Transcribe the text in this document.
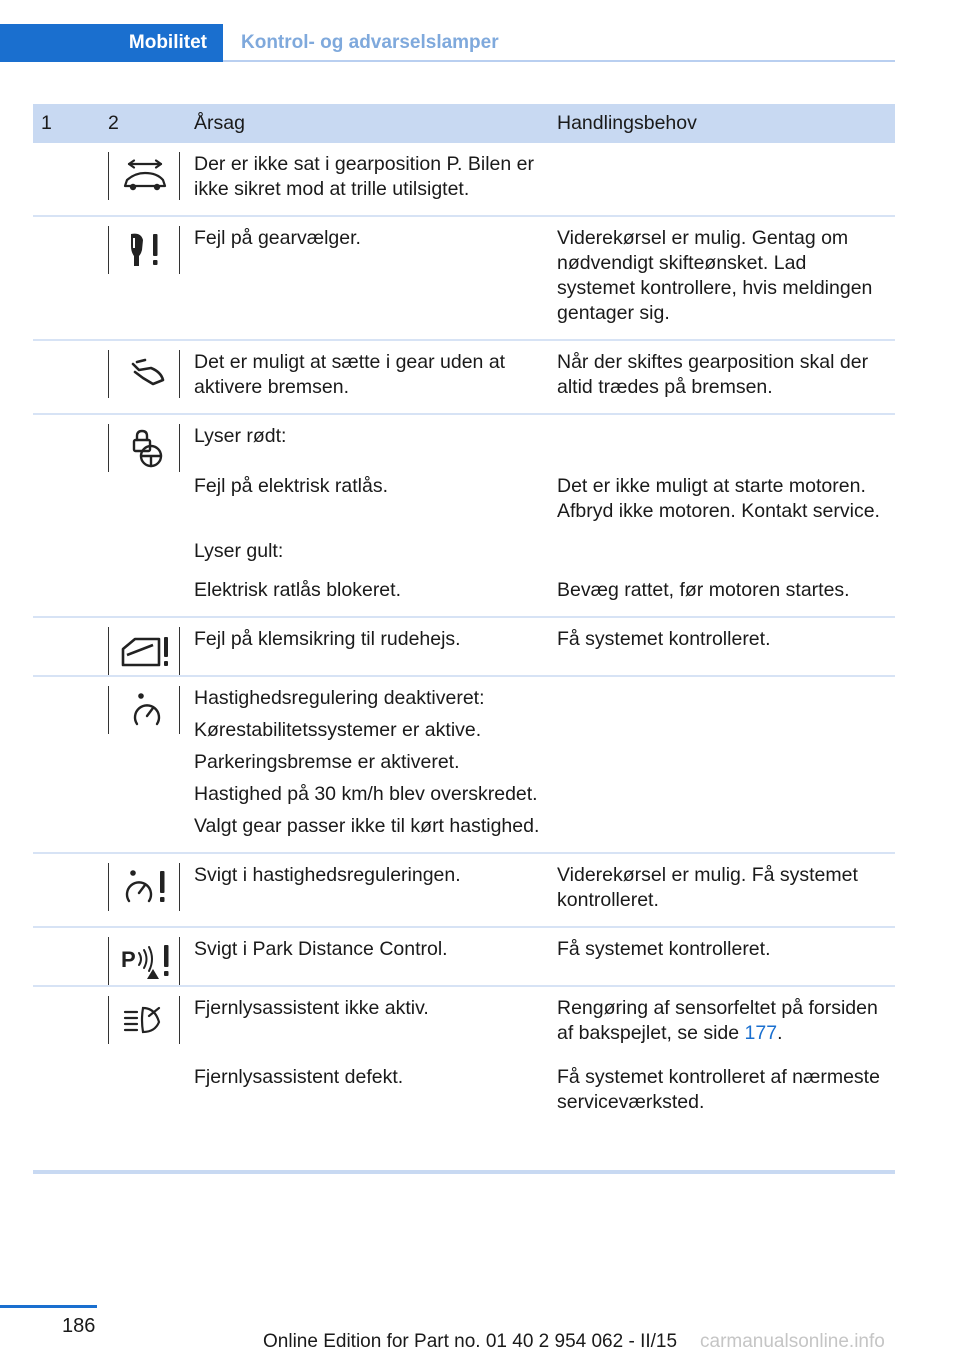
Mobilitet	Kontrol- og advarselslamper
1	2	Årsag	Handlingsbehov

Der er ikke sat i gearposition P. Bilen er ikke sikret mod at trille utilsigtet.	

Fejl på gearvælger.	Viderekørsel er mulig. Gentag om nødvendigt skifteønsket. Lad systemet kontrollere, hvis meldingen gentager sig.

Det er muligt at sætte i gear uden at aktivere bremsen.	Når der skiftes gearposition skal der altid trædes på bremsen.

Lyser rødt:	

		Fejl på elektrisk ratlås.	Det er ikke muligt at starte motoren. Afbryd ikke motoren. Kontakt service.

		Lyser gult:	

		Elektrisk ratlås blokeret.	Bevæg rattet, før motoren startes.

Fejl på klemsikring til rudehejs.	Få systemet kontrolleret.

Hastighedsregulering deaktiveret:
Kørestabilitetssystemer er aktive.
Parkeringsbremse er aktiveret.
Hastighed på 30 km/h blev overskredet.
Valgt gear passer ikke til kørt hastighed.	

Svigt i hastighedsreguleringen.	Viderekørsel er mulig. Få systemet kontrolleret.

P	Svigt i Park Distance Control.	Få systemet kontrolleret.

Fjernlysassistent ikke aktiv.	Rengøring af sensorfeltet på forsiden af bakspejlet, se side 177.

		Fjernlysassistent defekt.	Få systemet kontrolleret af nærmeste serviceværksted.
186
Online Edition for Part no. 01 40 2 954 062 - II/15 carmanualsonline.info
